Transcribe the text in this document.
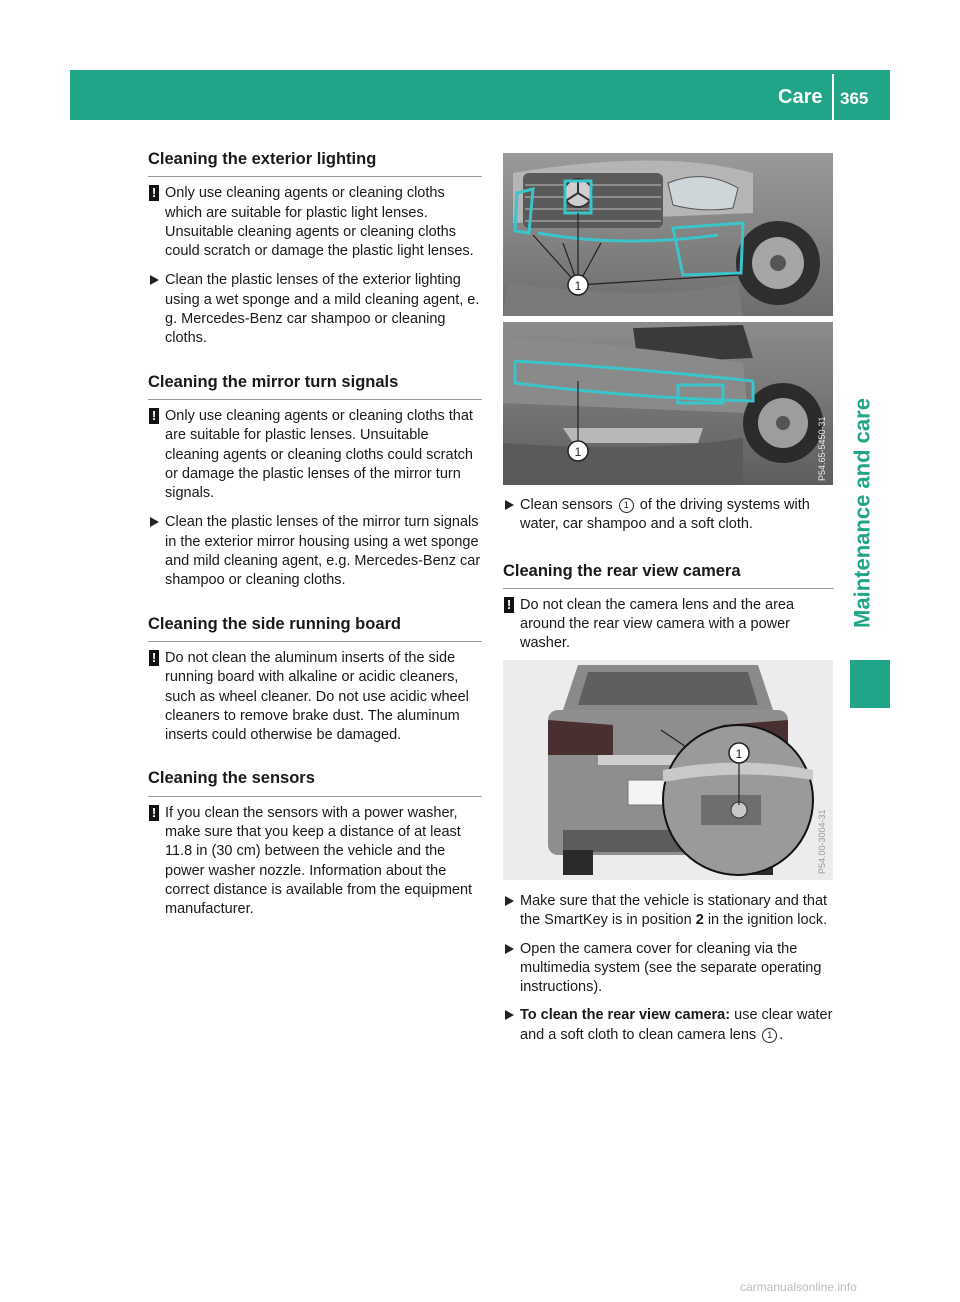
Care 365
Maintenance and care
Cleaning the exterior lighting
! Only use cleaning agents or cleaning cloths which are suitable for plastic light lenses. Unsuitable cleaning agents or cleaning cloths could scratch or damage the plastic light lenses.
Clean the plastic lenses of the exterior lighting using a wet sponge and a mild cleaning agent, e. g. Mercedes-Benz car shampoo or cleaning cloths.
Cleaning the mirror turn signals
! Only use cleaning agents or cleaning cloths that are suitable for plastic lenses. Unsuitable cleaning agents or cleaning cloths could scratch or damage the plastic lenses of the mirror turn signals.
Clean the plastic lenses of the mirror turn signals in the exterior mirror housing using a wet sponge and mild cleaning agent, e.g. Mercedes-Benz car shampoo or cleaning cloths.
Cleaning the side running board
! Do not clean the aluminum inserts of the side running board with alkaline or acidic cleaners, such as wheel cleaner. Do not use acidic wheel cleaners to remove brake dust. The aluminum inserts could otherwise be damaged.
Cleaning the sensors
! If you clean the sensors with a power washer, make sure that you keep a distance of at least 11.8 in (30 cm) between the vehicle and the power washer nozzle. Information about the correct distance is available from the equipment manufacturer.
1
1	P54.65-5450-31
Clean sensors 1 of the driving systems with water, car shampoo and a soft cloth.
Cleaning the rear view camera
! Do not clean the camera lens and the area around the rear view camera with a power washer.
1
P54.00-3004-31
Make sure that the vehicle is stationary and that the SmartKey is in position 2 in the ignition lock.
Open the camera cover for cleaning via the multimedia system (see the separate operating instructions).
To clean the rear view camera: use clear water and a soft cloth to clean camera lens 1 .
carmanualsonline.info
